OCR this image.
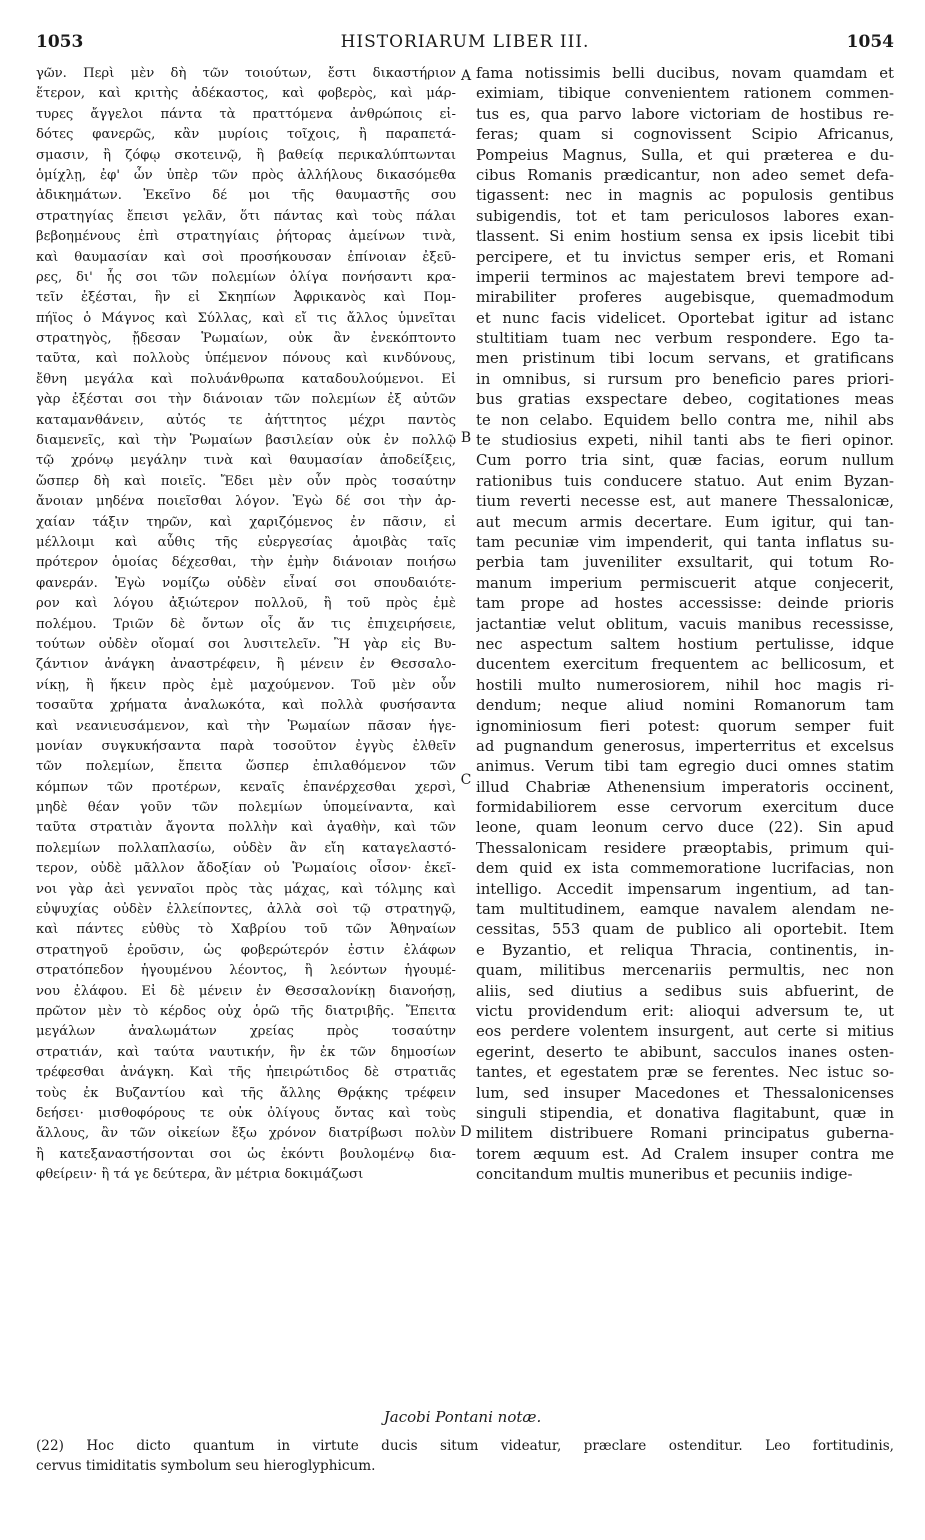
1053	HISTORIARUM LIBER III.	1054
γῶν. Περὶ μὲν δὴ τῶν τοιούτων, ἔστι δικαστήριον
ἕτερον, καὶ κριτὴς ἀδέκαστος, καὶ φοβερὸς, καὶ μάρ-
τυρες ἄγγελοι πάντα τὰ πραττόμενα ἀνθρώποις εἰ-
δότες φανερῶς, κἂν μυρίοις τοῖχοις, ἢ παραπετά-
σμασιν, ἢ ζόφῳ σκοτεινῷ, ἢ βαθείᾳ περικαλύπτωνται
ὁμίχλῃ, ἐφ' ὧν ὑπὲρ τῶν πρὸς ἀλλήλους δικασόμεθα
ἀδικημάτων. Ἐκεῖνο δέ μοι τῆς θαυμαστῆς σου
στρατηγίας ἔπεισι γελᾶν, ὅτι πάντας καὶ τοὺς πάλαι
βεβοημένους ἐπὶ στρατηγίαις ῥήτορας ἀμείνων τινὰ,
καὶ θαυμασίαν καὶ σοὶ προσήκουσαν ἐπίνοιαν ἐξεῦ-
ρες, δι' ἧς σοι τῶν πολεμίων ὀλίγα πονήσαντι κρα-
τεῖν ἐξέσται, ἣν εἰ Σκηπίων Ἀφρικανὸς καὶ Πομ-
πήϊος ὁ Μάγνος καὶ Σύλλας, καὶ εἴ τις ἄλλος ὑμνεῖται
στρατηγὸς, ᾔδεσαν Ῥωμαίων, οὐκ ἂν ἐνεκόπτοντο
ταῦτα, καὶ πολλοὺς ὑπέμενον πόνους καὶ κινδύνους,
ἔθνη μεγάλα καὶ πολυάνθρωπα καταδουλούμενοι. Εἰ
γὰρ ἐξέσται σοι τὴν διάνοιαν τῶν πολεμίων ἐξ αὐτῶν
καταμανθάνειν, αὐτός τε ἀήττητος μέχρι παντὸς
διαμενεῖς, καὶ τὴν Ῥωμαίων βασιλείαν οὐκ ἐν πολλῷ
τῷ χρόνῳ μεγάλην τινὰ καὶ θαυμασίαν ἀποδείξεις,
ὥσπερ δὴ καὶ ποιεῖς. Ἔδει μὲν οὖν πρὸς τοσαύτην
ἄνοιαν μηδένα ποιεῖσθαι λόγον. Ἐγὼ δέ σοι τὴν ἀρ-
χαίαν τάξιν τηρῶν, καὶ χαριζόμενος ἐν πᾶσιν, εἰ
μέλλοιμι καὶ αὖθις τῆς εὐεργεσίας ἀμοιβὰς ταῖς
πρότερον ὁμοίας δέχεσθαι, τὴν ἐμὴν διάνοιαν ποιήσω
φανεράν. Ἐγὼ νομίζω οὐδὲν εἶναί σοι σπουδαιότε-
ρον καὶ λόγου ἀξιώτερον πολλοῦ, ἢ τοῦ πρὸς ἐμὲ
πολέμου. Τριῶν δὲ ὄντων οἷς ἄν τις ἐπιχειρήσειε,
τούτων οὐδὲν οἴομαί σοι λυσιτελεῖν. Ἢ γὰρ εἰς Βυ-
ζάντιον ἀνάγκη ἀναστρέφειν, ἢ μένειν ἐν Θεσσαλο-
νίκῃ, ἢ ἥκειν πρὸς ἐμὲ μαχούμενον. Τοῦ μὲν οὖν
τοσαῦτα χρήματα ἀναλωκότα, καὶ πολλὰ φυσήσαντα
καὶ νεανιευσάμενον, καὶ τὴν Ῥωμαίων πᾶσαν ἡγε-
μονίαν συγκυκήσαντα παρὰ τοσοῦτον ἐγγὺς ἐλθεῖν
τῶν πολεμίων, ἔπειτα ὥσπερ ἐπιλαθόμενον τῶν
κόμπων τῶν προτέρων, κεναῖς ἐπανέρχεσθαι χερσὶ,
μηδὲ θέαν γοῦν τῶν πολεμίων ὑπομείναντα, καὶ
ταῦτα στρατιὰν ἄγοντα πολλὴν καὶ ἀγαθὴν, καὶ τῶν
πολεμίων πολλαπλασίω, οὐδὲν ἂν εἴη καταγελαστό-
τερον, οὐδὲ μᾶλλον ἄδοξίαν οὐ Ῥωμαίοις οἶσον· ἐκεῖ-
νοι γὰρ ἀεὶ γενναῖοι πρὸς τὰς μάχας, καὶ τόλμης καὶ
εὐψυχίας οὐδὲν ἐλλείποντες, ἀλλὰ σοὶ τῷ στρατηγῷ,
καὶ πάντες εὐθὺς τὸ Χαβρίου τοῦ τῶν Ἀθηναίων
στρατηγοῦ ἐροῦσιν, ὡς φοβερώτερόν ἐστιν ἐλάφων
στρατόπεδον ἡγουμένου λέοντος, ἢ λεόντων ἡγουμέ-
νου ἐλάφου. Εἰ δὲ μένειν ἐν Θεσσαλονίκῃ διανοήσῃ,
πρῶτον μὲν τὸ κέρδος οὐχ ὁρῶ τῆς διατριβῆς. Ἔπειτα
μεγάλων ἀναλωμάτων χρείας πρὸς τοσαύτην
στρατιάν, καὶ ταύτα ναυτικήν, ἣν ἐκ τῶν δημοσίων
τρέφεσθαι ἀνάγκη. Καὶ τῆς ἠπειρώτιδος δὲ στρατιᾶς
τοὺς ἐκ Βυζαντίου καὶ τῆς ἄλλης Θρᾴκης τρέφειν
δεήσει· μισθοφόρους τε οὐκ ὀλίγους ὄντας καὶ τοὺς
ἄλλους, ἂν τῶν οἰκείων ἔξω χρόνον διατρίβωσι πολὺν
ἢ κατεξαναστήσονται σοι ὡς ἑκόντι βουλομένῳ δια-
φθείρειν· ἢ τά γε δεύτερα, ἂν μέτρια δοκιμάζωσι
fama notissimis belli ducibus, novam quamdam et
eximiam, tibique convenientem rationem commen-
tus es, qua parvo labore victoriam de hostibus re-
feras; quam si cognovissent Scipio Africanus,
Pompeius Magnus, Sulla, et qui præterea e du-
cibus Romanis prædicantur, non adeo semet defa-
tigassent: nec in magnis ac populosis gentibus
subigendis, tot et tam periculosos labores exan-
tlassent. Si enim hostium sensa ex ipsis licebit tibi
percipere, et tu invictus semper eris, et Romani
imperii terminos ac majestatem brevi tempore ad-
mirabiliter proferes augebisque, quemadmodum
et nunc facis videlicet. Oportebat igitur ad istanc
stultitiam tuam nec verbum respondere. Ego ta-
men pristinum tibi locum servans, et gratificans
in omnibus, si rursum pro beneficio pares priori-
bus gratias exspectare debeo, cogitationes meas
te non celabo. Equidem bello contra me, nihil abs
te studiosius expeti, nihil tanti abs te fieri opinor.
Cum porro tria sint, quæ facias, eorum nullum
rationibus tuis conducere statuo. Aut enim Byzan-
tium reverti necesse est, aut manere Thessalonicæ,
aut mecum armis decertare. Eum igitur, qui tan-
tam pecuniæ vim impenderit, qui tanta inflatus su-
perbia tam juveniliter exsultarit, qui totum Ro-
manum imperium permiscuerit atque conjecerit,
tam prope ad hostes accessisse: deinde prioris
jactantiæ velut oblitum, vacuis manibus recessisse,
nec aspectum saltem hostium pertulisse, idque
ducentem exercitum frequentem ac bellicosum, et
hostili multo numerosiorem, nihil hoc magis ri-
dendum; neque aliud nomini Romanorum tam
ignominiosum fieri potest: quorum semper fuit
ad pugnandum generosus, imperterritus et excelsus
animus. Verum tibi tam egregio duci omnes statim
illud Chabriæ Athenensium imperatoris occinent,
formidabiliorem esse cervorum exercitum duce
leone, quam leonum cervo duce (22). Sin apud
Thessalonicam residere præoptabis, primum qui-
dem quid ex ista commemoratione lucrifacias, non
intelligo. Accedit impensarum ingentium, ad tan-
tam multitudinem, eamque navalem alendam ne-
cessitas, 553 quam de publico ali oportebit. Item
e Byzantio, et reliqua Thracia, continentis, in-
quam, militibus mercenariis permultis, nec non
aliis, sed diutius a sedibus suis abfuerint, de
victu providendum erit: alioqui adversum te, ut
eos perdere volentem insurgent, aut certe si mitius
egerint, deserto te abibunt, sacculos inanes osten-
tantes, et egestatem præ se ferentes. Nec istuc so-
lum, sed insuper Macedones et Thessalonicenses
singuli stipendia, et donativa flagitabunt, quæ in
militem distribuere Romani principatus guberna-
torem æquum est. Ad Cralem insuper contra me
concitandum multis muneribus et pecuniis indige-
A
B
C
D
Jacobi Pontani notæ.
(22) Hoc dicto quantum in virtute ducis situm videatur, præclare ostenditur. Leo fortitudinis,
cervus timiditatis symbolum seu hieroglyphicum.
